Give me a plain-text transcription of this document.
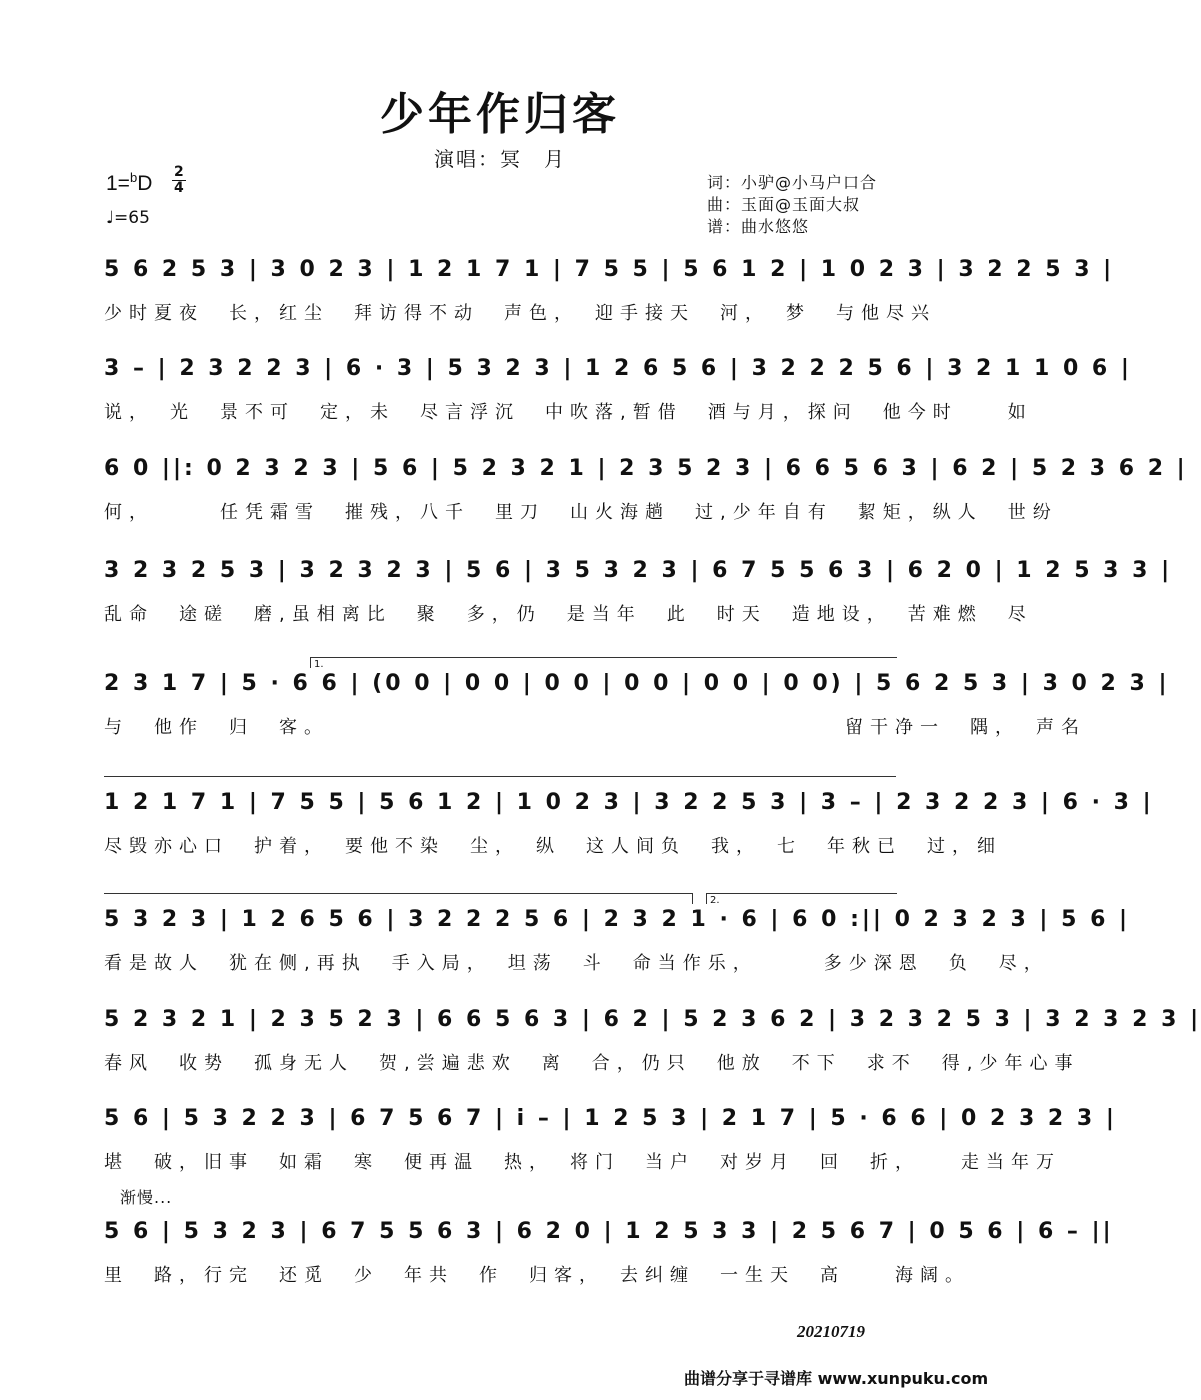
少年作归客
演唱：冥　月
1=$^b$D 2
4
♩=65
词：小驴@小马户口合
曲：玉面@玉面大叔
谱：曲水悠悠
5 6 2 5 3 | 3 0 2 3 | 1 2 1 7 1 | 7 5 5 | 5 6 1 2 | 1 0 2 3 | 3 2 2 5 3 |
少时夏夜　长，红尘　拜访得不动　声色，　迎手接天　河，　梦　与他尽兴
3 – | 2 3 2 2 3 | 6 · 3 | 5 3 2 3 | 1 2 6 5 6 | 3 2 2 2 5 6 | 3 2 1 1 0 6 |
说，　光　景不可　定，未　尽言浮沉　中吹落,暂借　酒与月，探问　他今时　　如
6 0 ||: 0 2 3 2 3 | 5 6 | 5 2 3 2 1 | 2 3 5 2 3 | 6 6 5 6 3 | 6 2 | 5 2 3 6 2 |
何，　　　任凭霜雪　摧残，八千　里刀　山火海趟　过,少年自有　絜矩，纵人　世纷
3 2 3 2 5 3 | 3 2 3 2 3 | 5 6 | 3 5 3 2 3 | 6 7 5 5 6 3 | 6 2 0 | 1 2 5 3 3 |
乱命　途磋　磨,虽相离比　聚　多，仍　是当年　此　时天　造地设，　苦难燃　尽
1.
2 3 1 7 | 5 · 6 6 | (0 0 | 0 0 | 0 0 | 0 0 | 0 0 | 0 0) | 5 6 2 5 3 | 3 0 2 3 |
与　他作　归　客。　　　　　　　　　　　　　　　　　　　　　留干净一　隅，　声名
1 2 1 7 1 | 7 5 5 | 5 6 1 2 | 1 0 2 3 | 3 2 2 5 3 | 3 – | 2 3 2 2 3 | 6 · 3 |
尽毁亦心口　护着，　要他不染　尘，　纵　这人间负　我，　七　年秋已　过，细
2.
5 3 2 3 | 1 2 6 5 6 | 3 2 2 2 5 6 | 2 3 2 1 · 6 | 6 0 :|| 0 2 3 2 3 | 5 6 |
看是故人　犹在侧,再执　手入局，　坦荡　斗　命当作乐，　　　多少深恩　负　尽，
5 2 3 2 1 | 2 3 5 2 3 | 6 6 5 6 3 | 6 2 | 5 2 3 6 2 | 3 2 3 2 5 3 | 3 2 3 2 3 |
春风　收势　孤身无人　贺,尝遍悲欢　离　合，仍只　他放　不下　求不　得,少年心事
5 6 | 5 3 2 2 3 | 6 7 5 6 7 | i – | 1 2 5 3 | 2 1 7 | 5 · 6 6 | 0 2 3 2 3 |
堪　破，旧事　如霜　寒　便再温　热，　将门　当户　对岁月　回　折，　　走当年万
渐慢...
5 6 | 5 3 2 3 | 6 7 5 5 6 3 | 6 2 0 | 1 2 5 3 3 | 2 5 6 7 | 0 5 6 | 6 – ||
里　路，行完　还觅　少　年共　作　归客，　去纠缠　一生天　高　　海阔。
20210719
曲谱分享于寻谱库 www.xunpuku.com
